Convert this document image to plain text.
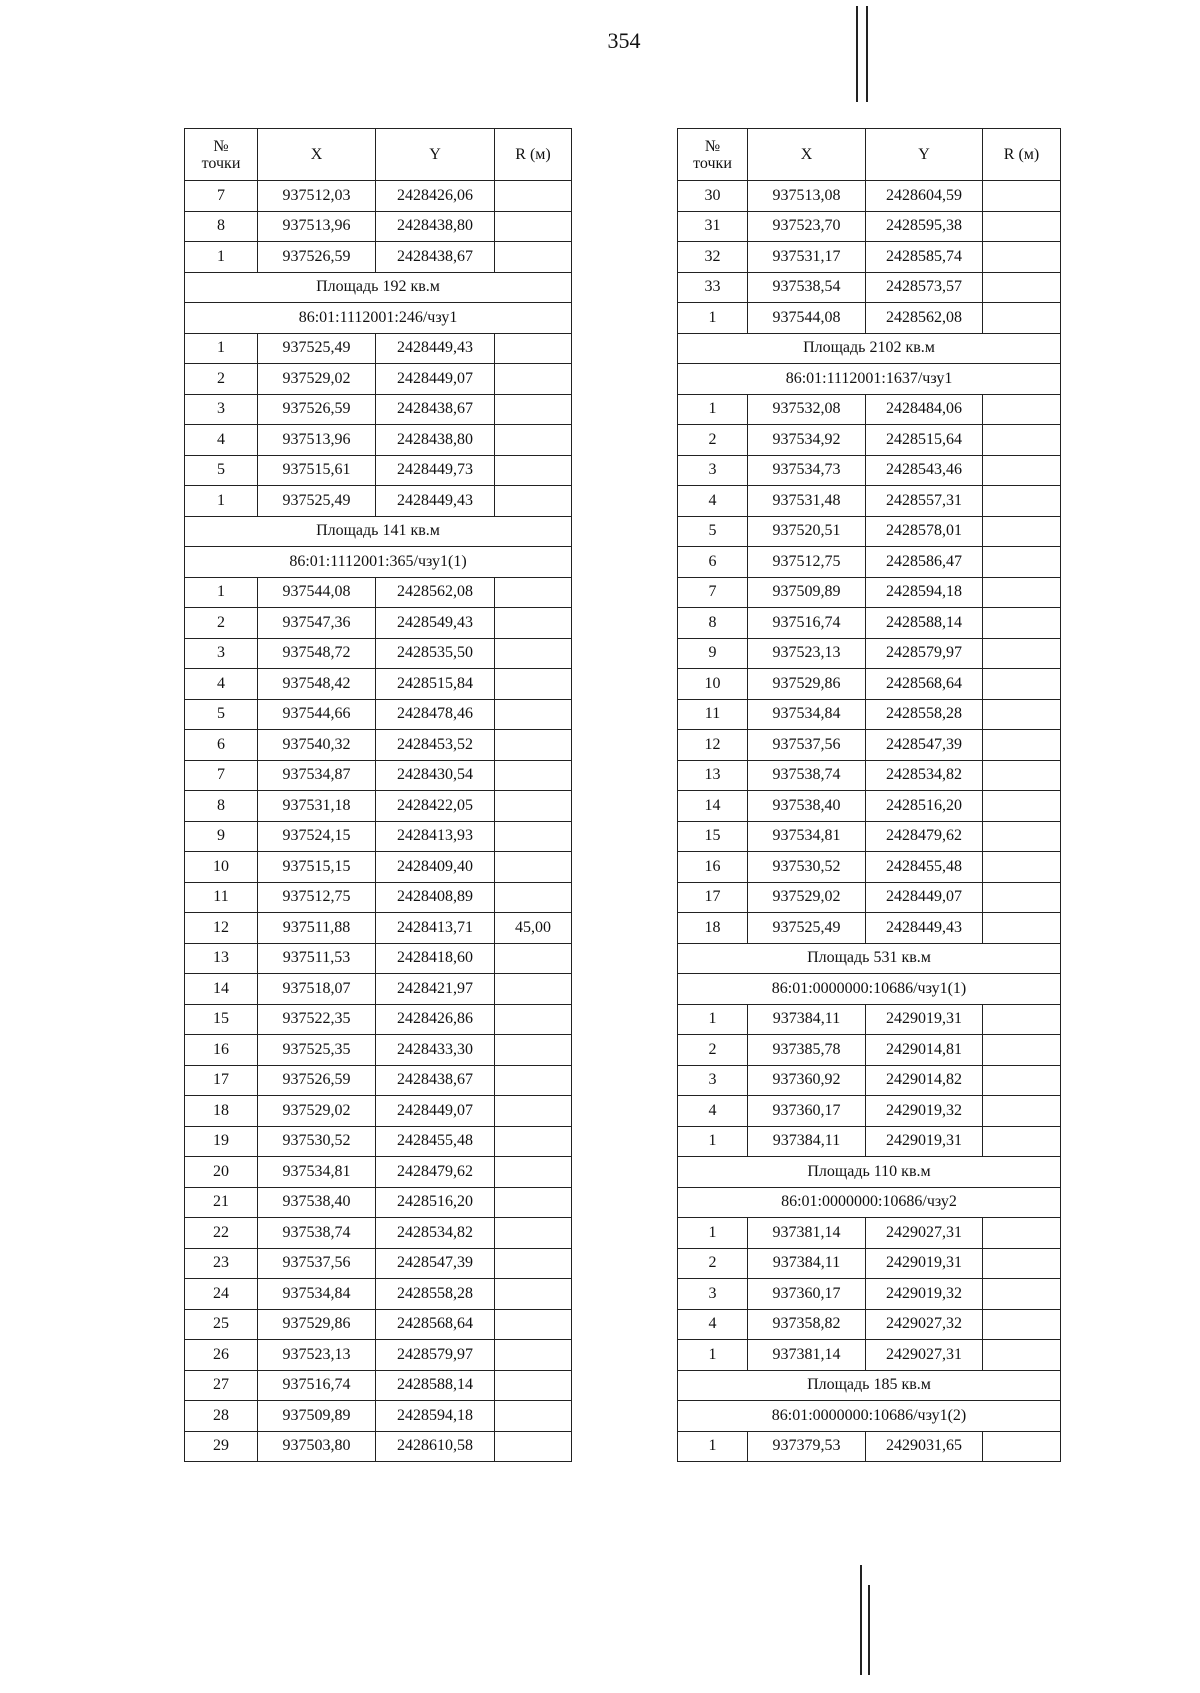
354
№
точки	X	Y	R (м)
7	937512,03	2428426,06	
8	937513,96	2428438,80	
1	937526,59	2428438,67	
Площадь 192 кв.м			
86:01:1112001:246/чзу1			
1	937525,49	2428449,43	
2	937529,02	2428449,07	
3	937526,59	2428438,67	
4	937513,96	2428438,80	
5	937515,61	2428449,73	
1	937525,49	2428449,43	
Площадь 141 кв.м			
86:01:1112001:365/чзу1(1)			
1	937544,08	2428562,08	
2	937547,36	2428549,43	
3	937548,72	2428535,50	
4	937548,42	2428515,84	
5	937544,66	2428478,46	
6	937540,32	2428453,52	
7	937534,87	2428430,54	
8	937531,18	2428422,05	
9	937524,15	2428413,93	
10	937515,15	2428409,40	
11	937512,75	2428408,89	
12	937511,88	2428413,71	45,00
13	937511,53	2428418,60	
14	937518,07	2428421,97	
15	937522,35	2428426,86	
16	937525,35	2428433,30	
17	937526,59	2428438,67	
18	937529,02	2428449,07	
19	937530,52	2428455,48	
20	937534,81	2428479,62	
21	937538,40	2428516,20	
22	937538,74	2428534,82	
23	937537,56	2428547,39	
24	937534,84	2428558,28	
25	937529,86	2428568,64	
26	937523,13	2428579,97	
27	937516,74	2428588,14	
28	937509,89	2428594,18	
29	937503,80	2428610,58	
№
точки	X	Y	R (м)
30	937513,08	2428604,59	
31	937523,70	2428595,38	
32	937531,17	2428585,74	
33	937538,54	2428573,57	
1	937544,08	2428562,08	
Площадь 2102 кв.м			
86:01:1112001:1637/чзу1			
1	937532,08	2428484,06	
2	937534,92	2428515,64	
3	937534,73	2428543,46	
4	937531,48	2428557,31	
5	937520,51	2428578,01	
6	937512,75	2428586,47	
7	937509,89	2428594,18	
8	937516,74	2428588,14	
9	937523,13	2428579,97	
10	937529,86	2428568,64	
11	937534,84	2428558,28	
12	937537,56	2428547,39	
13	937538,74	2428534,82	
14	937538,40	2428516,20	
15	937534,81	2428479,62	
16	937530,52	2428455,48	
17	937529,02	2428449,07	
18	937525,49	2428449,43	
Площадь 531 кв.м			
86:01:0000000:10686/чзу1(1)			
1	937384,11	2429019,31	
2	937385,78	2429014,81	
3	937360,92	2429014,82	
4	937360,17	2429019,32	
1	937384,11	2429019,31	
Площадь 110 кв.м			
86:01:0000000:10686/чзу2			
1	937381,14	2429027,31	
2	937384,11	2429019,31	
3	937360,17	2429019,32	
4	937358,82	2429027,32	
1	937381,14	2429027,31	
Площадь 185 кв.м			
86:01:0000000:10686/чзу1(2)			
1	937379,53	2429031,65	
